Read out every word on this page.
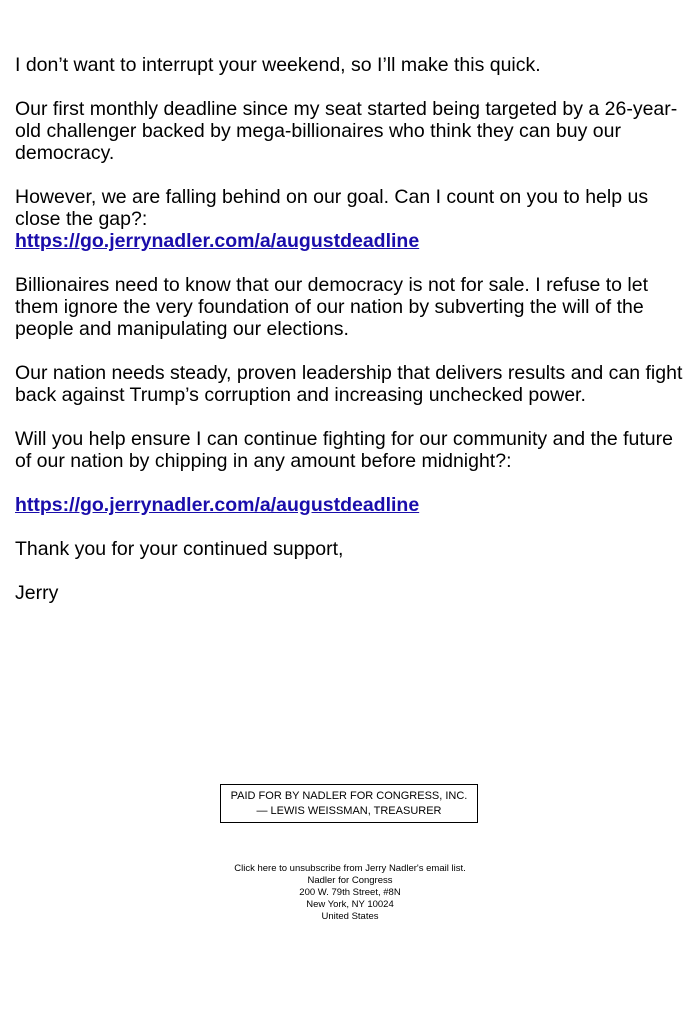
I don’t want to interrupt your weekend, so I’ll make this quick.

Our first monthly deadline since my seat started being targeted by a 26-year-old challenger backed by mega-billionaires who think they can buy our democracy.

However, we are falling behind on our goal. Can I count on you to help us close the gap?:
https://go.jerrynadler.com/a/augustdeadline

Billionaires need to know that our democracy is not for sale. I refuse to let them ignore the very foundation of our nation by subverting the will of the people and manipulating our elections.

Our nation needs steady, proven leadership that delivers results and can fight back against Trump’s corruption and increasing unchecked power.

Will you help ensure I can continue fighting for our community and the future of our nation by chipping in any amount before midnight?:

https://go.jerrynadler.com/a/augustdeadline

Thank you for your continued support,

Jerry

PAID FOR BY NADLER FOR CONGRESS, INC.
— LEWIS WEISSMAN, TREASURER
Click here to unsubscribe from Jerry Nadler's email list.
Nadler for Congress
200 W. 79th Street, #8N
New York, NY 10024
United States
